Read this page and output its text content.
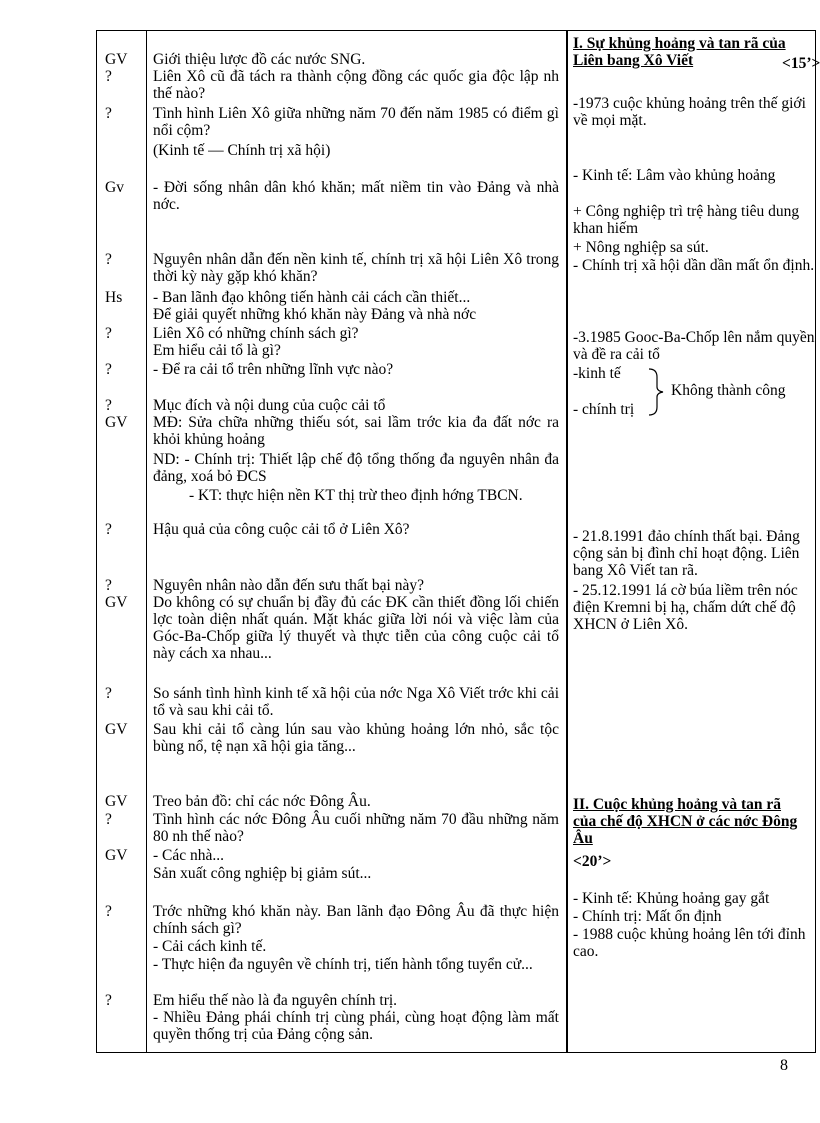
GV
?
?
Gv
?
Hs
?
?
?
GV
?
?
GV
?
GV
GV
?
GV
?
?
Giới thiệu lược đồ các nước SNG.
Liên Xô cũ đã tách ra thành cộng đồng các quốc gia độc lập nh thế nào?
Tình hình Liên Xô giữa những năm 70 đến năm 1985 có điểm gì nổi cộm?
(Kinh tế — Chính trị xã hội)
- Đời sống nhân dân khó khăn; mất niềm tin vào Đảng và nhà nớc.
Nguyên nhân dẫn đến nền kinh tế, chính trị xã hội Liên Xô trong thời kỳ này gặp khó khăn?
- Ban lãnh đạo không tiến hành cải cách cần thiết...
Để giải quyết những khó khăn này Đảng và nhà nớc
Liên Xô có những chính sách gì?
Em hiểu cải tổ là gì?
- Để ra cải tổ trên những lĩnh vực nào?
Mục đích và nội dung của cuộc cải tổ
MĐ: Sửa chữa những thiếu sót, sai lầm trớc kia đa đất nớc ra khỏi khủng hoảng
ND: - Chính trị: Thiết lập chế độ tổng thống đa nguyên nhân đa đảng, xoá bỏ ĐCS
- KT: thực hiện nền KT thị trừ theo định hớng TBCN.
Hậu quả của công cuộc cải tổ ở Liên Xô?
Nguyên nhân nào dẫn đến sưu thất bại này?
Do không có sự chuẩn bị đầy đủ các ĐK cần thiết đồng lối chiến lợc toàn diện nhất quán. Mặt khác giữa lời nói và việc làm của Góc-Ba-Chốp giữa lý thuyết và thực tiễn của công cuộc cải tổ này cách xa nhau...
So sánh tình hình kinh tế xã hội của nớc Nga Xô Viết trớc khi cải tổ và sau khi cải tổ.
Sau khi cải tổ càng lún sau vào khủng hoảng lớn nhỏ, sắc tộc bùng nổ, tệ nạn xã hội gia tăng...
Treo bản đồ: chỉ các nớc Đông Âu.
Tình hình các nớc Đông Âu cuối những năm 70 đầu những năm 80 nh thế nào?
- Các nhà...
Sản xuất công nghiệp bị giảm sút...
Trớc những khó khăn này. Ban lãnh đạo Đông Âu đã thực hiện chính sách gì?
- Cải cách kinh tế.
- Thực hiện đa nguyên về chính trị, tiến hành tổng tuyển cử...
Em hiểu thế nào là đa nguyên chính trị.
- Nhiều Đảng phái chính trị cùng phái, cùng hoạt động làm mất quyền thống trị của Đảng cộng sản.
I. Sự khủng hoảng và tan rã của Liên bang Xô Viết	<15’>
-1973 cuộc khủng hoảng trên thế giới về mọi mặt.
- Kinh tế: Lâm vào khủng hoảng
+ Công nghiệp trì trệ hàng tiêu dung khan hiếm
+ Nông nghiệp sa sút.
- Chính trị xã hội dần dần mất ổn định.
-3.1985 Gooc-Ba-Chốp lên nắm quyền và đề ra cải tổ
-kinh tế
- chính trị
Không thành công
- 21.8.1991 đảo chính thất bại. Đảng cộng sản bị đình chỉ hoạt động. Liên bang Xô Viết tan rã.
- 25.12.1991 lá cờ búa liềm trên nóc điện Kremni bị hạ, chấm dứt chế độ XHCN ở Liên Xô.
II. Cuộc khủng hoảng và tan rã của chế độ XHCN ở các nớc Đông Âu
<20’>
- Kinh tế: Khủng hoảng gay gắt
- Chính trị: Mất ổn định
- 1988 cuộc khủng hoảng lên tới đỉnh cao.
8
